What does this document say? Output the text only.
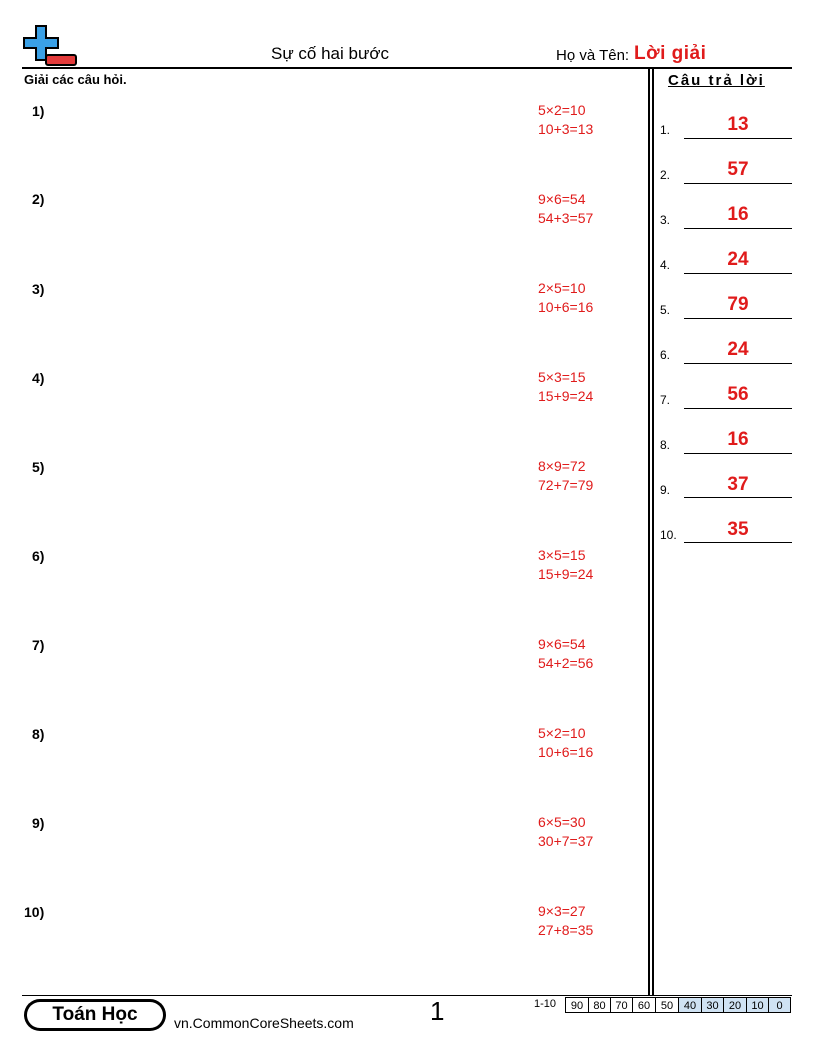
Sự cố hai bước	Họ và Tên: Lời giải
Giải các câu hỏi.	Câu trả lời
1)	5×2=10
10+3=13
2)	9×6=54
54+3=57
3)	2×5=10
10+6=16
4)	5×3=15
15+9=24
5)	8×9=72
72+7=79
6)	3×5=15
15+9=24
7)	9×6=54
54+2=56
8)	5×2=10
10+6=16
9)	6×5=30
30+7=37
10)	9×3=27
27+8=35
1.	13
2.	57
3.	16
4.	24
5.	79
6.	24
7.	56
8.	16
9.	37
10.	35
Toán Học	vn.CommonCoreSheets.com	1	1-10	90 80 70 60 50 40 30 20 10	0
